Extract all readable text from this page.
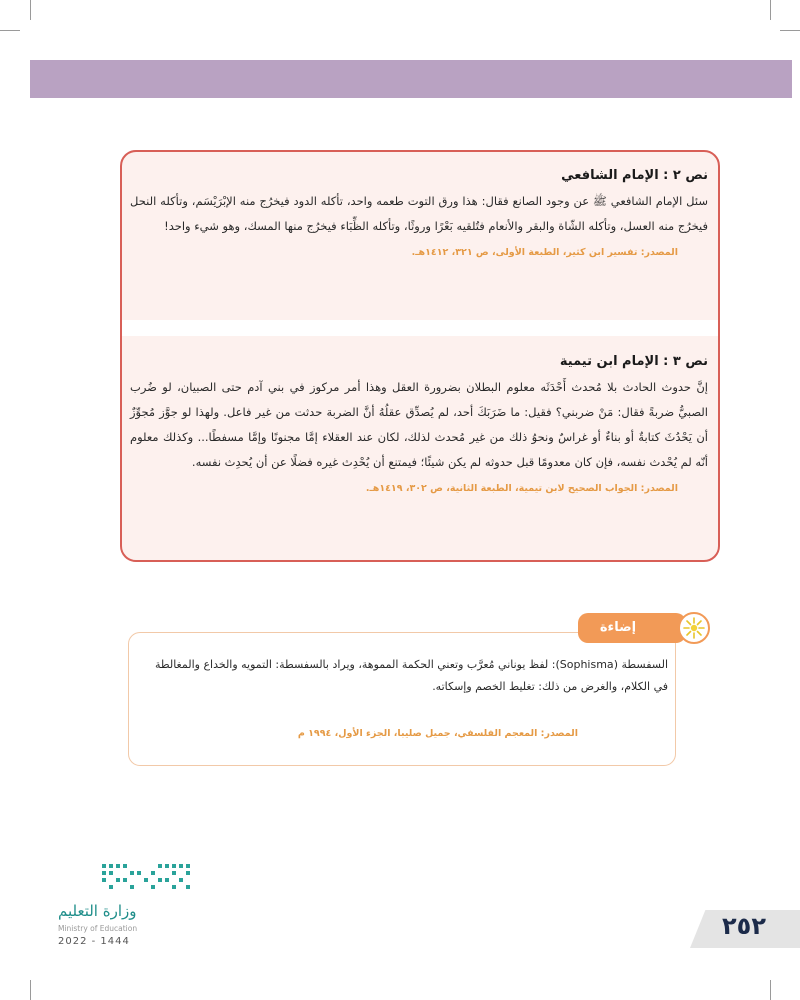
نص ٢ : الإمام الشافعي
سئل الإمام الشافعي ﷺ عن وجود الصانع فقال: هذا ورق التوت طعمه واحد، تأكله الدود فيخرُج منه الإبْرَيْسَم، وتأكله النحل فيخرُج منه العسل، وتأكله الشّاة والبقر والأنعام فتُلقيه بَعْرًا وروثًا، وتأكله الظِّبَاء فيخرُج منها المسك، وهو شيء واحد!
المصدر: تفسير ابن كثير، الطبعة الأولى، ص ٣٢١، ١٤١٢هـ.
نص ٣ : الإمام ابن تيمية
إنَّ حدوث الحادث بلا مُحدث أَحْدَثَه معلوم البطلان بضرورة العقل وهذا أمر مركوز في بني آدم حتى الصبيان، لو ضُرب الصبيُّ ضربةً فقال: مَنْ ضربني؟ فقيل: ما ضَرَبَكَ أحد، لم يُصدِّق عقلُهُ أنَّ الضربة حدثت من غير فاعل. ولهذا لو جوَّز مُجوِّزٌ أن يَحْدُثَ كتابةٌ أو بناءٌ أو غراسٌ ونحوُ ذلك من غير مُحدث لذلك، لكان عند العقلاء إمَّا مجنونًا وإمَّا مسفطًا... وكذلك معلوم أنّه لم يُحْدث نفسه، فإن كان معدومًا قبل حدوثه لم يكن شيئًا؛ فيمتنع أن يُحْدِث غيره فضلًا عن أن يُحدِث نفسه.
المصدر: الجواب الصحيح لابن تيمية، الطبعة الثانية، ص ٣٠٢، ١٤١٩هـ.
إضاءة
السفسطة (Sophisma): لفظ يوناني مُعرَّب وتعني الحكمة المموهة، ويراد بالسفسطة: التمويه والخداع والمغالطة في الكلام، والغرض من ذلك: تغليط الخصم وإسكاته.
المصدر: المعجم الفلسفي، جميل صليبا، الجزء الأول، ١٩٩٤ م
وزارة التعليم
Ministry of Education
2022 - 1444
٢٥٢
